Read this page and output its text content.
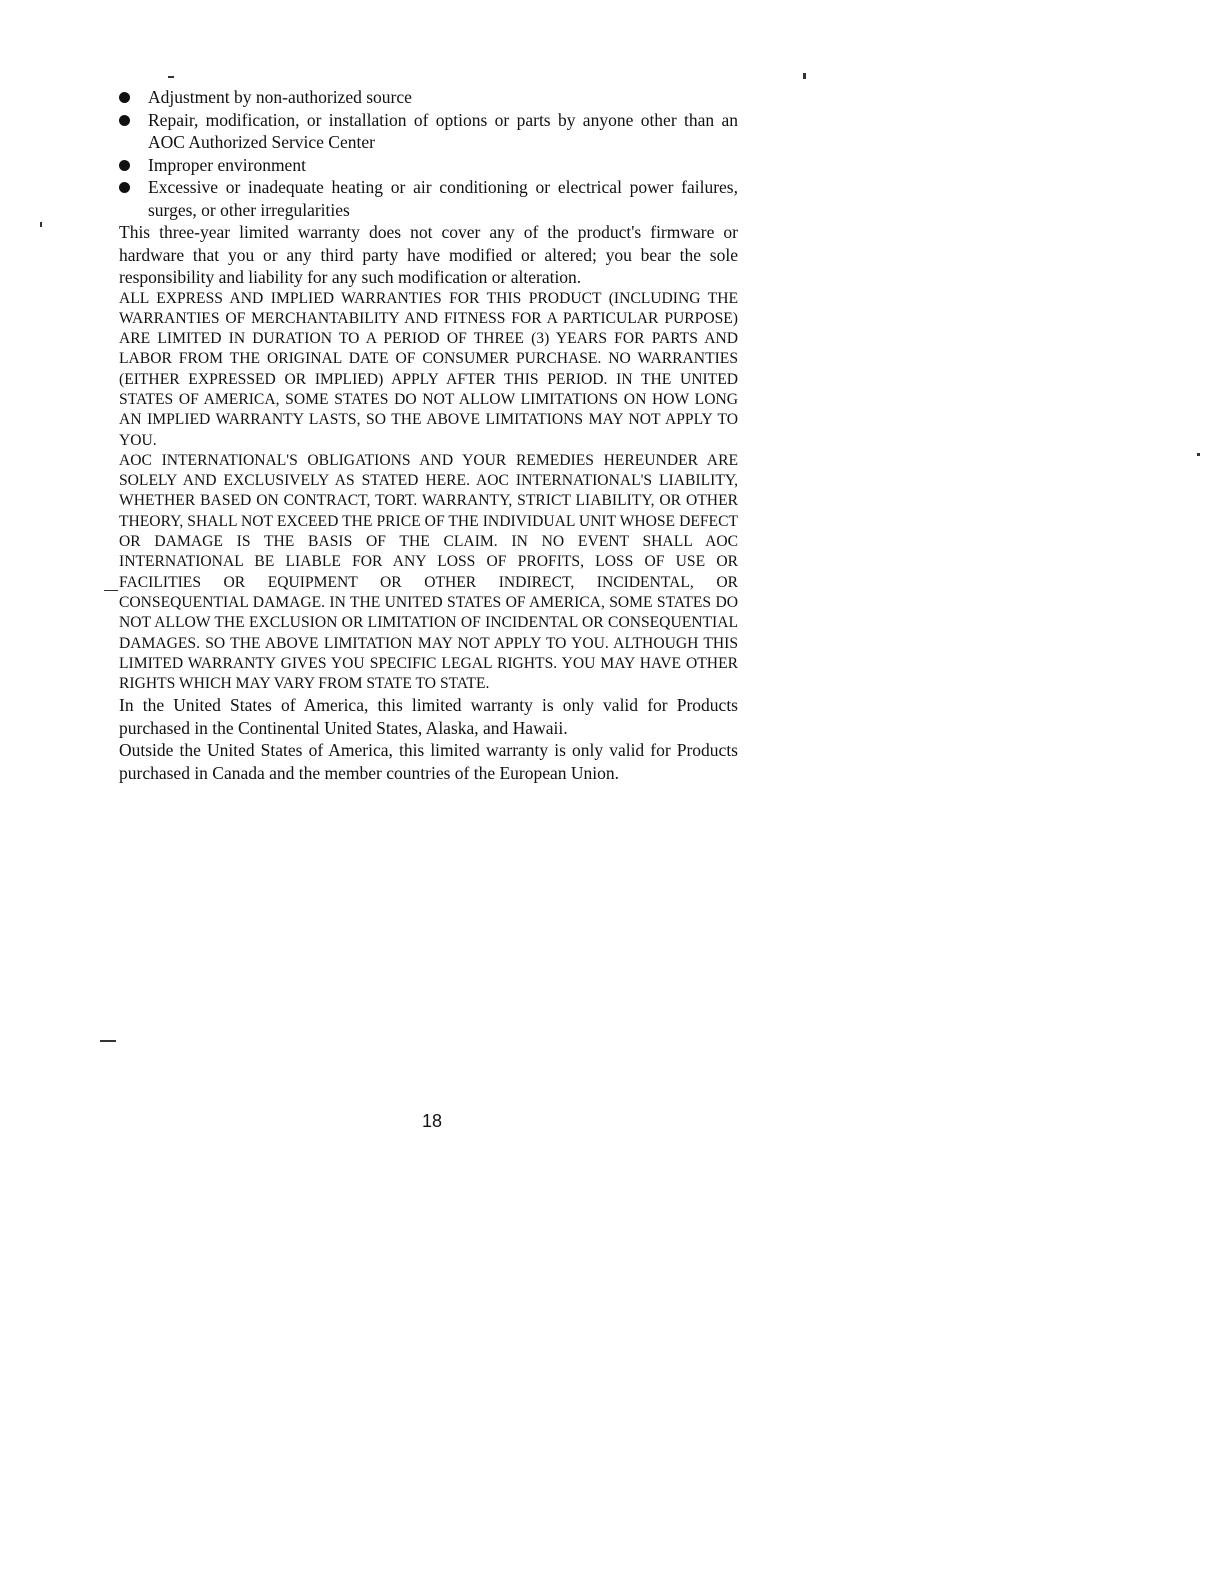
Adjustment by non-authorized source
Repair, modification, or installation of options or parts by anyone other than an AOC Authorized Service Center
Improper environment
Excessive or inadequate heating or air conditioning or electrical power failures, surges, or other irregularities

This three-year limited warranty does not cover any of the product's firmware or hardware that you or any third party have modified or altered; you bear the sole responsibility and liability for any such modification or alteration.

ALL EXPRESS AND IMPLIED WARRANTIES FOR THIS PRODUCT (INCLUDING THE WARRANTIES OF MERCHANTABILITY AND FITNESS FOR A PARTICULAR PURPOSE) ARE LIMITED IN DURATION TO A PERIOD OF THREE (3) YEARS FOR PARTS AND LABOR FROM THE ORIGINAL DATE OF CONSUMER PURCHASE. NO WARRANTIES (EITHER EXPRESSED OR IMPLIED) APPLY AFTER THIS PERIOD. IN THE UNITED STATES OF AMERICA, SOME STATES DO NOT ALLOW LIMITATIONS ON HOW LONG AN IMPLIED WARRANTY LASTS, SO THE ABOVE LIMITATIONS MAY NOT APPLY TO YOU.

AOC INTERNATIONAL'S OBLIGATIONS AND YOUR REMEDIES HEREUNDER ARE SOLELY AND EXCLUSIVELY AS STATED HERE. AOC INTERNATIONAL'S LIABILITY, WHETHER BASED ON CONTRACT, TORT. WARRANTY, STRICT LIABILITY, OR OTHER THEORY, SHALL NOT EXCEED THE PRICE OF THE INDIVIDUAL UNIT WHOSE DEFECT OR DAMAGE IS THE BASIS OF THE CLAIM. IN NO EVENT SHALL AOC INTERNATIONAL BE LIABLE FOR ANY LOSS OF PROFITS, LOSS OF USE OR FACILITIES OR EQUIPMENT OR OTHER INDIRECT, INCIDENTAL, OR CONSEQUENTIAL DAMAGE. IN THE UNITED STATES OF AMERICA, SOME STATES DO NOT ALLOW THE EXCLUSION OR LIMITATION OF INCIDENTAL OR CONSEQUENTIAL DAMAGES. SO THE ABOVE LIMITATION MAY NOT APPLY TO YOU. ALTHOUGH THIS LIMITED WARRANTY GIVES YOU SPECIFIC LEGAL RIGHTS. YOU MAY HAVE OTHER RIGHTS WHICH MAY VARY FROM STATE TO STATE.

In the United States of America, this limited warranty is only valid for Products purchased in the Continental United States, Alaska, and Hawaii.

Outside the United States of America, this limited warranty is only valid for Products purchased in Canada and the member countries of the European Union.

18
